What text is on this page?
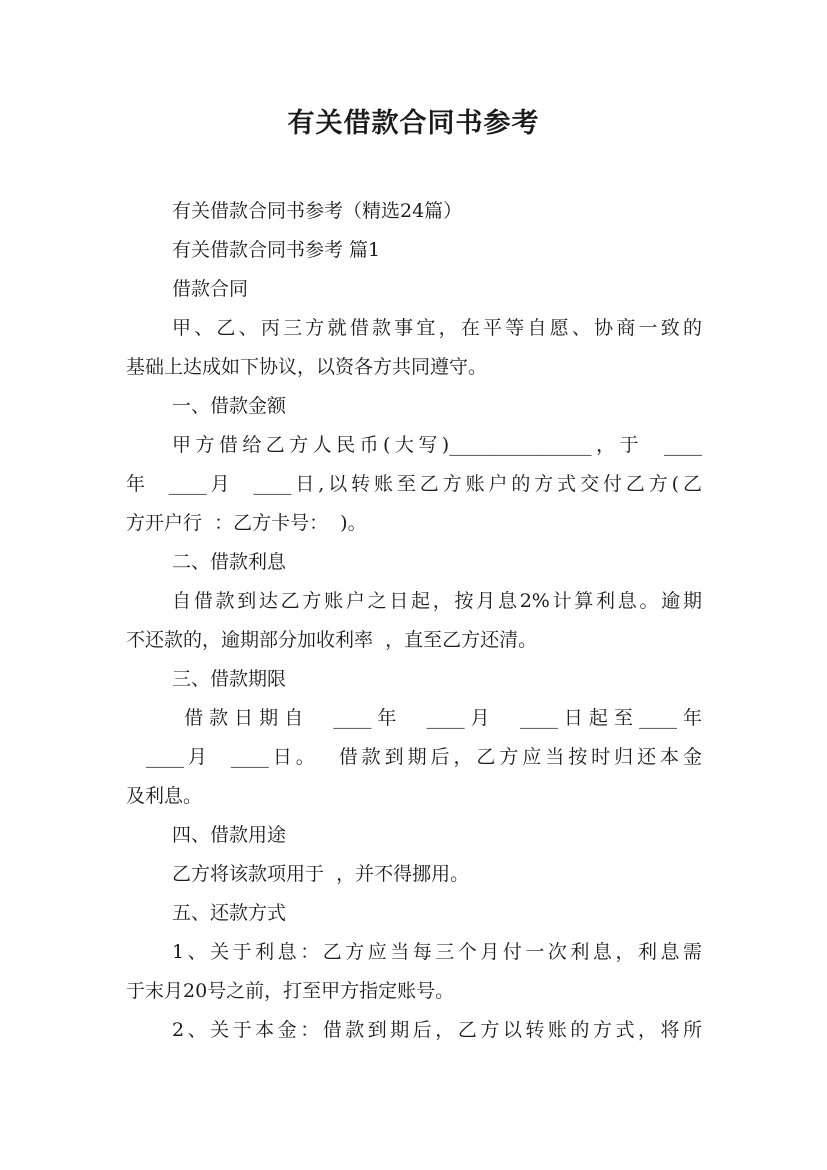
有关借款合同书参考
有关借款合同书参考（精选24篇）
有关借款合同书参考 篇1
借款合同
甲、乙、丙三方就借款事宜，在平等自愿、协商一致的
基础上达成如下协议，以资各方共同遵守。
一、借款金额
甲方借给乙方人民币(大写)_______________，于  ____
年  ____月  ____日,以转账至乙方账户的方式交付乙方(乙
方开户行  ：乙方卡号：  )。
二、借款利息
自借款到达乙方账户之日起，按月息2%计算利息。逾期
不还款的，逾期部分加收利率  ，直至乙方还清。
三、借款期限
借款日期自  ____年  ____月  ____日起至____年
____月  ____日。  借款到期后，乙方应当按时归还本金
及利息。
四、借款用途
乙方将该款项用于  ，并不得挪用。
五、还款方式
1、关于利息：乙方应当每三个月付一次利息，利息需
于末月20号之前，打至甲方指定账号。
2、关于本金：借款到期后，乙方以转账的方式，将所
